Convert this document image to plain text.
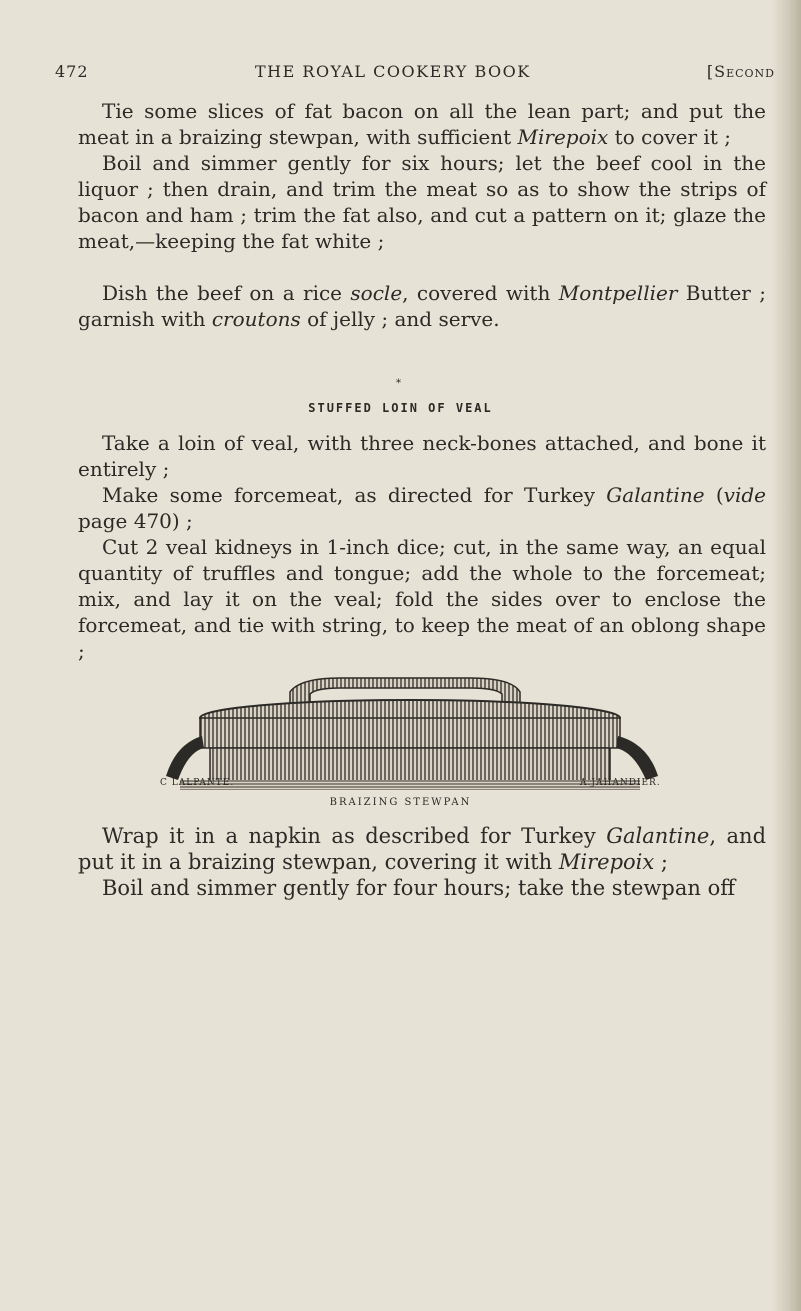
472	THE ROYAL COOKERY BOOK	[Second

Tie some slices of fat bacon on all the lean part; and put the meat in a braizing stewpan, with sufficient Mirepoix to cover it ;

Boil and simmer gently for six hours; let the beef cool in the liquor ; then drain, and trim the meat so as to show the strips of bacon and ham ; trim the fat also, and cut a pattern on it; glaze the meat,—keeping the fat white ;

Dish the beef on a rice socle, covered with Montpellier Butter ; garnish with croutons of jelly ; and serve.

*
STUFFED LOIN OF VEAL

Take a loin of veal, with three neck-bones attached, and bone it entirely ;

Make some forcemeat, as directed for Turkey Galantine (vide page 470) ;

Cut 2 veal kidneys in 1-inch dice; cut, in the same way, an equal quantity of truffles and tongue; add the whole to the forcemeat; mix, and lay it on the veal; fold the sides over to enclose the forcemeat, and tie with string, to keep the meat of an oblong shape ;

C LALPANTE.	A.JAHANDIER.
BRAIZING STEWPAN

Wrap it in a napkin as described for Turkey Galantine, and put it in a braizing stewpan, covering it with Mirepoix ;

Boil and simmer gently for four hours; take the stewpan off
